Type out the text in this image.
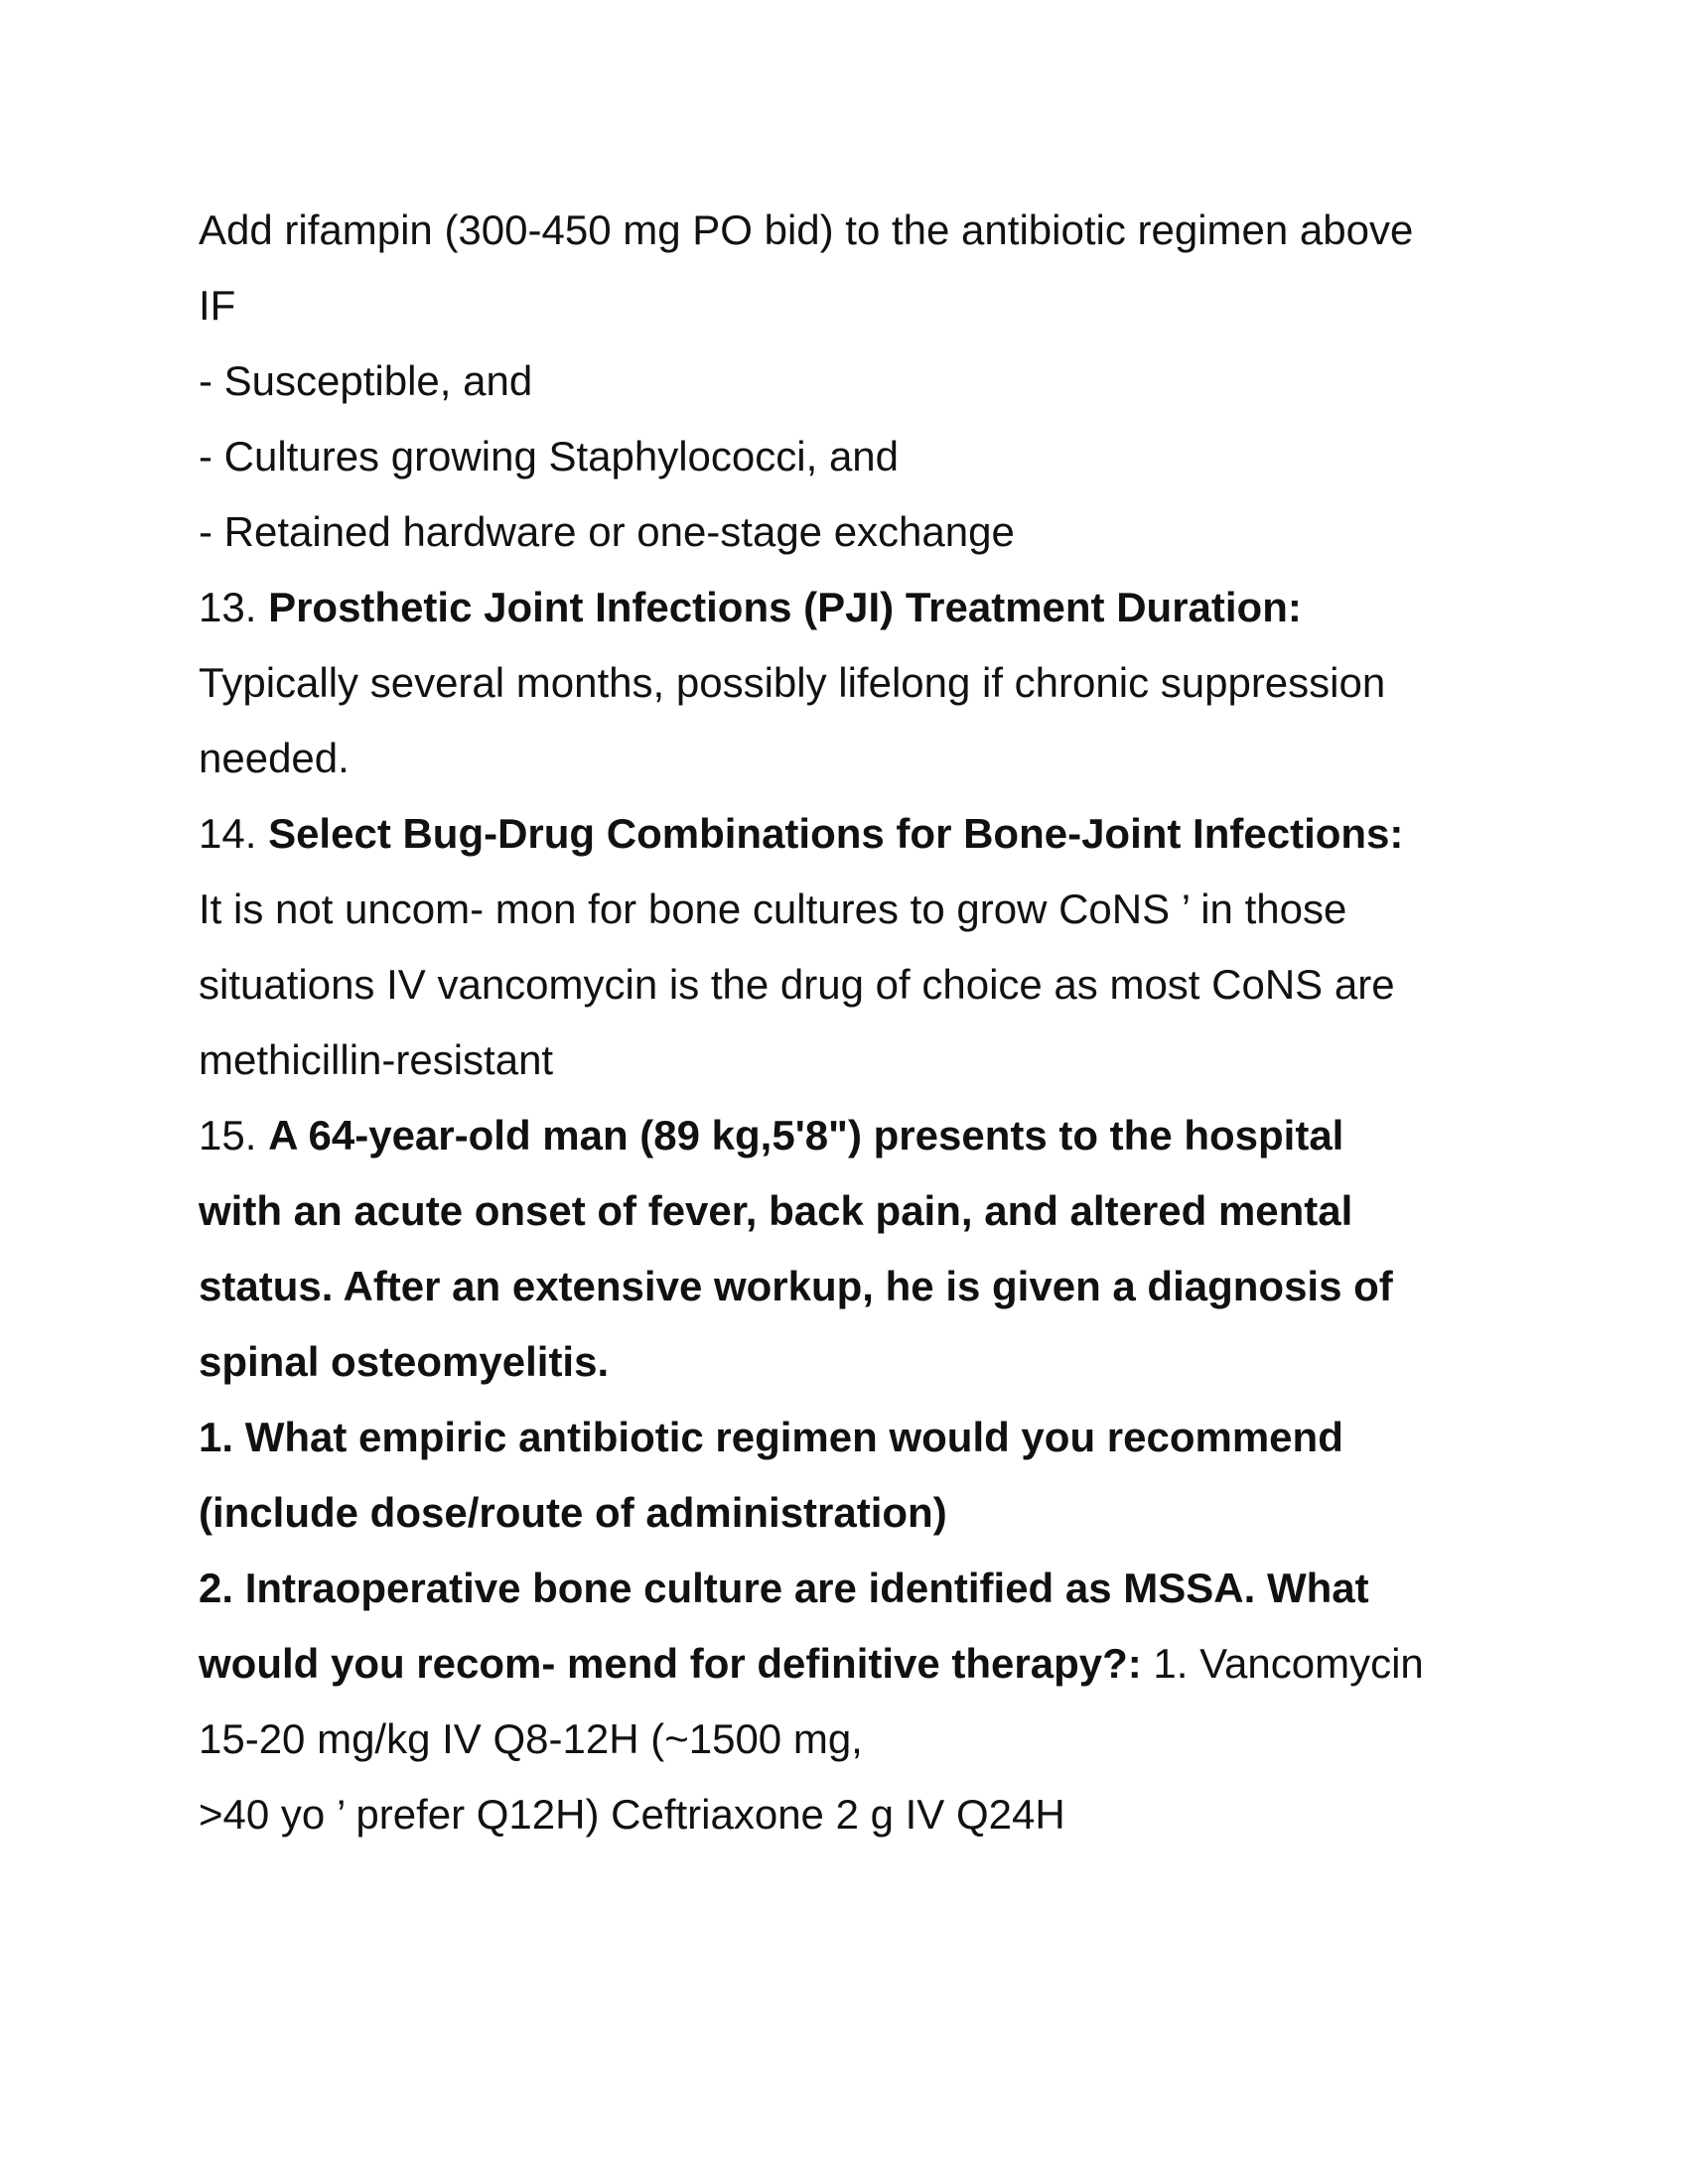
Add rifampin (300-450 mg PO bid) to the antibiotic regimen above
IF
- Susceptible, and
- Cultures growing Staphylococci, and
- Retained hardware or one-stage exchange
13. Prosthetic Joint Infections (PJI) Treatment Duration:
Typically several months, possibly lifelong if chronic suppression
needed.
14. Select Bug-Drug Combinations for Bone-Joint Infections:
It is not uncom- mon for bone cultures to grow CoNS ’ in those
situations IV vancomycin is the drug of choice as most CoNS are
methicillin-resistant
15. A 64-year-old man (89 kg,5'8") presents to the hospital
with an acute onset of fever, back pain, and altered mental
status. After an extensive workup, he is given a diagnosis of
spinal osteomyelitis.
1. What empiric antibiotic regimen would you recommend
(include dose/route of administration)
2. Intraoperative bone culture are identified as MSSA. What
would you recom- mend for definitive therapy?: 1. Vancomycin
15-20 mg/kg IV Q8-12H (~1500 mg,
>40 yo ’ prefer Q12H) Ceftriaxone 2 g IV Q24H
